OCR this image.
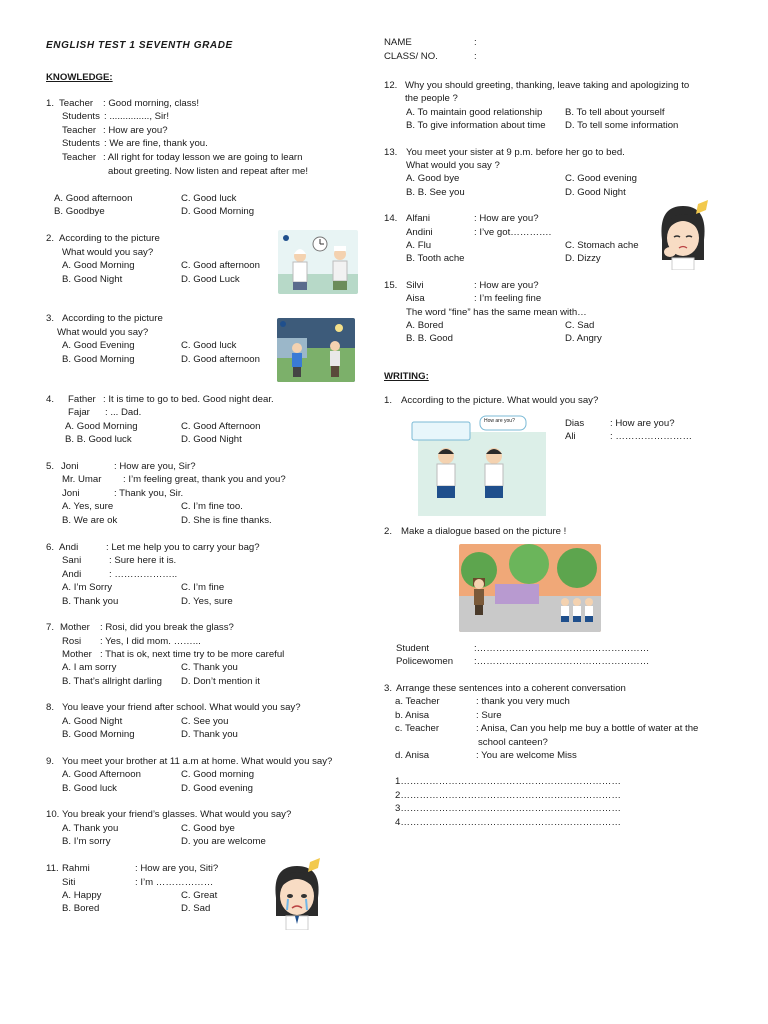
ENGLISH TEST 1 SEVENTH GRADE	NAME	:
CLASS/ NO.	:
KNOWLEDGE:
1. Teacher : Good morning, class!
Students : ..............., Sir!
Teacher : How are you?
Students : We are fine, thank you.
Teacher : All right for today lesson we are going to learn
about greeting. Now listen and repeat after me!
A. Good afternoon	C. Good luck
B. Goodbye	D. Good Morning
2. According to the picture
What would you say?
A. Good Morning	C. Good afternoon
B. Good Night	D. Good Luck
3. According to the picture
What would you say?
A. Good Evening	C. Good luck
B. Good Morning	D. Good afternoon
4. Father : It is time to go to bed. Good night dear.
Fajar : ... Dad.
A. Good Morning	C. Good Afternoon
B. B. Good luck	D. Good Night
5. Joni	: How are you, Sir?
Mr. Umar : I’m feeling great, thank you and you?
Joni	: Thank you, Sir.
A. Yes, sure	C. I’m fine too.
B. We are ok	D. She is fine thanks.
6. Andi	: Let me help you to carry your bag?
Sani	: Sure here it is.
Andi	: ………………..
A. I’m Sorry	C. I’m fine
B. Thank you	D. Yes, sure
7. Mother : Rosi, did you break the glass?
Rosi : Yes, I did mom. ……...
Mother : That is ok, next time try to be more careful
A. I am sorry	C. Thank you
B. That’s allright darling D. Don’t mention it
8. You leave your friend after school. What would you say?
A. Good Night	C. See you
B. Good Morning	D. Thank you
9. You meet your brother at 11 a.m at home. What would you say?
A. Good Afternoon	C. Good morning
B. Good luck	D. Good evening
10. You break your friend’s glasses. What would you say?
A. Thank you	C. Good bye
B. I’m sorry	D. you are welcome
11. Rahmi	: How are you, Siti?
Siti	: I’m ………………
A. Happy	C. Great
B. Bored	D. Sad
12. Why you should greeting, thanking, leave taking and apologizing to
the people ?
A. To maintain good relationship B. To tell about yourself
B. To give information about time D. To tell some information
13. You meet your sister at 9 p.m. before her go to bed.
What would you say ?
A. Good bye	C. Good evening
B. B. See you	D. Good Night
14. Alfani	: How are you?
Andini	: I’ve got………….
A. Flu	C. Stomach ache
B. Tooth ache	D. Dizzy
15. Silvi	: How are you?
Aisa	: I’m feeling fine
The word “fine” has the same mean with…
A. Bored	C. Sad
B. B. Good	D. Angry
WRITING:
1. According to the picture. What would you say?
How are you?	Dias	: How are you?
Ali	: ……………………
2. Make a dialogue based on the picture !
Student	:………………………………………………
Policewomen :………………………………………………
3. Arrange these sentences into a coherent conversation
a. Teacher	: thank you very much
b. Anisa	: Sure
c. Teacher	: Anisa, Can you help me buy a bottle of water at the
school canteen?
d. Anisa	: You are welcome Miss
1……………………………………………………………
2……………………………………………………………
3……………………………………………………………
4……………………………………………………………
